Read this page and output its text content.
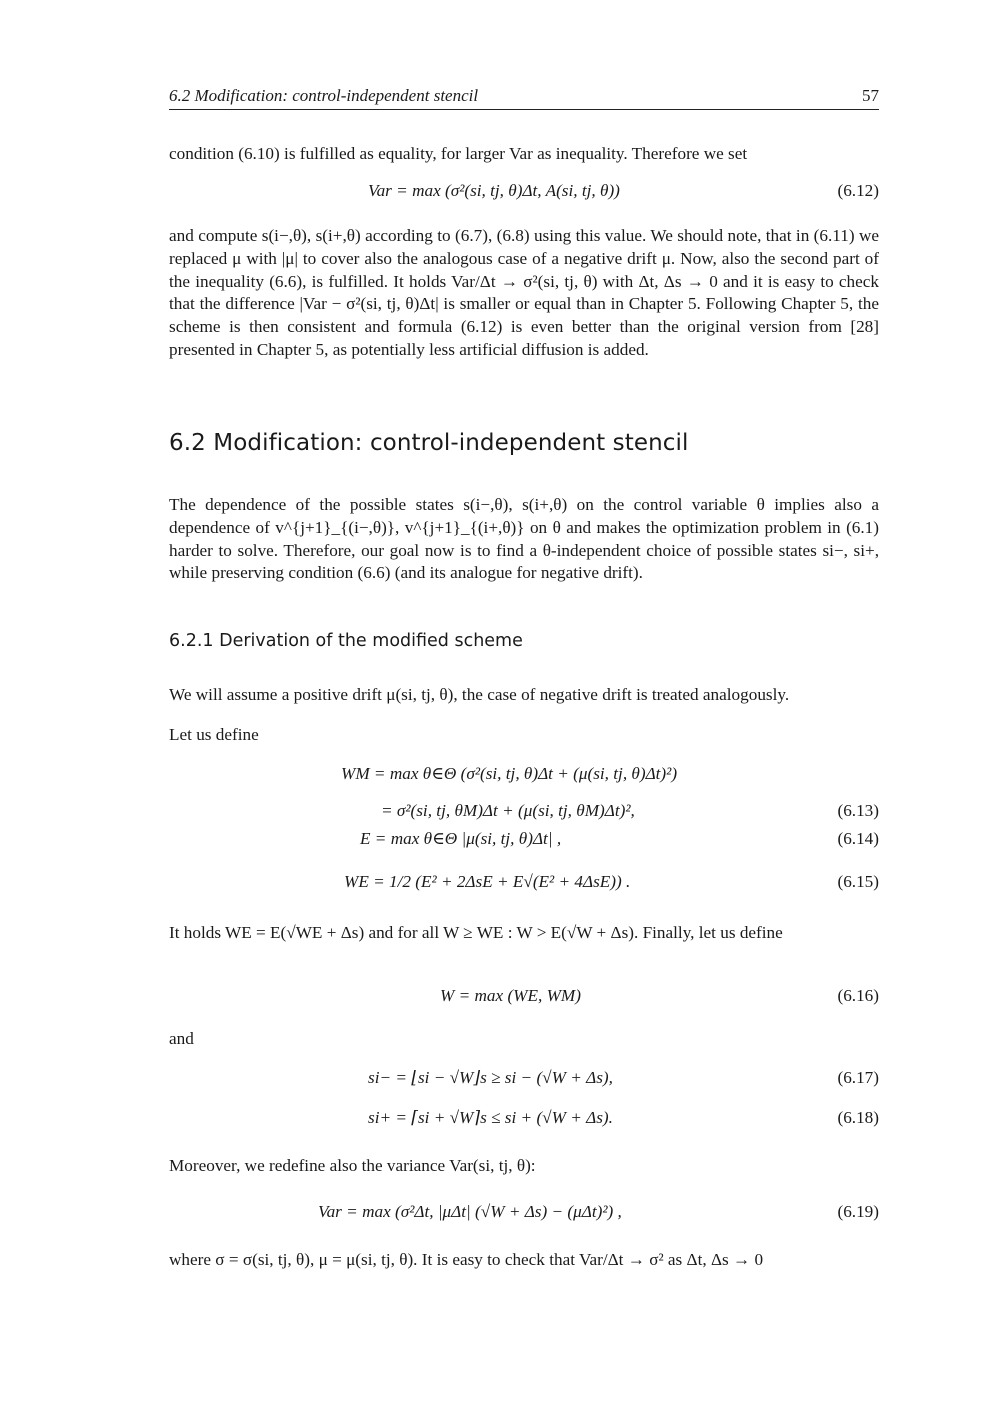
6.2 Modification: control-independent stencil	57

condition (6.10) is fulfilled as equality, for larger Var as inequality. Therefore we set

Var = max (σ²(si, tj, θ)Δt, A(si, tj, θ))	(6.12)

and compute s(i−,θ), s(i+,θ) according to (6.7), (6.8) using this value. We should note, that in (6.11) we replaced μ with |μ| to cover also the analogous case of a negative drift μ. Now, also the second part of the inequality (6.6), is fulfilled. It holds Var/Δt → σ²(si, tj, θ) with Δt, Δs → 0 and it is easy to check that the difference |Var − σ²(si, tj, θ)Δt| is smaller or equal than in Chapter 5. Following Chapter 5, the scheme is then consistent and formula (6.12) is even better than the original version from [28] presented in Chapter 5, as potentially less artificial diffusion is added.

6.2 Modification: control-independent stencil

The dependence of the possible states s(i−,θ), s(i+,θ) on the control variable θ implies also a dependence of v^{j+1}_{(i−,θ)}, v^{j+1}_{(i+,θ)} on θ and makes the optimization problem in (6.1) harder to solve. Therefore, our goal now is to find a θ-independent choice of possible states si−, si+, while preserving condition (6.6) (and its analogue for negative drift).

6.2.1 Derivation of the modified scheme

We will assume a positive drift μ(si, tj, θ), the case of negative drift is treated analogously.

Let us define

WM = max θ∈Θ (σ²(si, tj, θ)Δt + (μ(si, tj, θ)Δt)²)
= σ²(si, tj, θM)Δt + (μ(si, tj, θM)Δt)²,	(6.13)
E = max θ∈Θ |μ(si, tj, θ)Δt| ,	(6.14)
WE = 1/2 (E² + 2ΔsE + E√(E² + 4ΔsE)) .	(6.15)

It holds WE = E(√WE + Δs) and for all W ≥ WE : W > E(√W + Δs). Finally, let us define

W = max (WE, WM)	(6.16)

and

si− = ⌊si − √W⌋s ≥ si − (√W + Δs),	(6.17)
si+ = ⌈si + √W⌉s ≤ si + (√W + Δs).	(6.18)

Moreover, we redefine also the variance Var(si, tj, θ):

Var = max (σ²Δt, |μΔt| (√W + Δs) − (μΔt)²) ,	(6.19)

where σ = σ(si, tj, θ), μ = μ(si, tj, θ). It is easy to check that Var/Δt → σ² as Δt, Δs → 0
